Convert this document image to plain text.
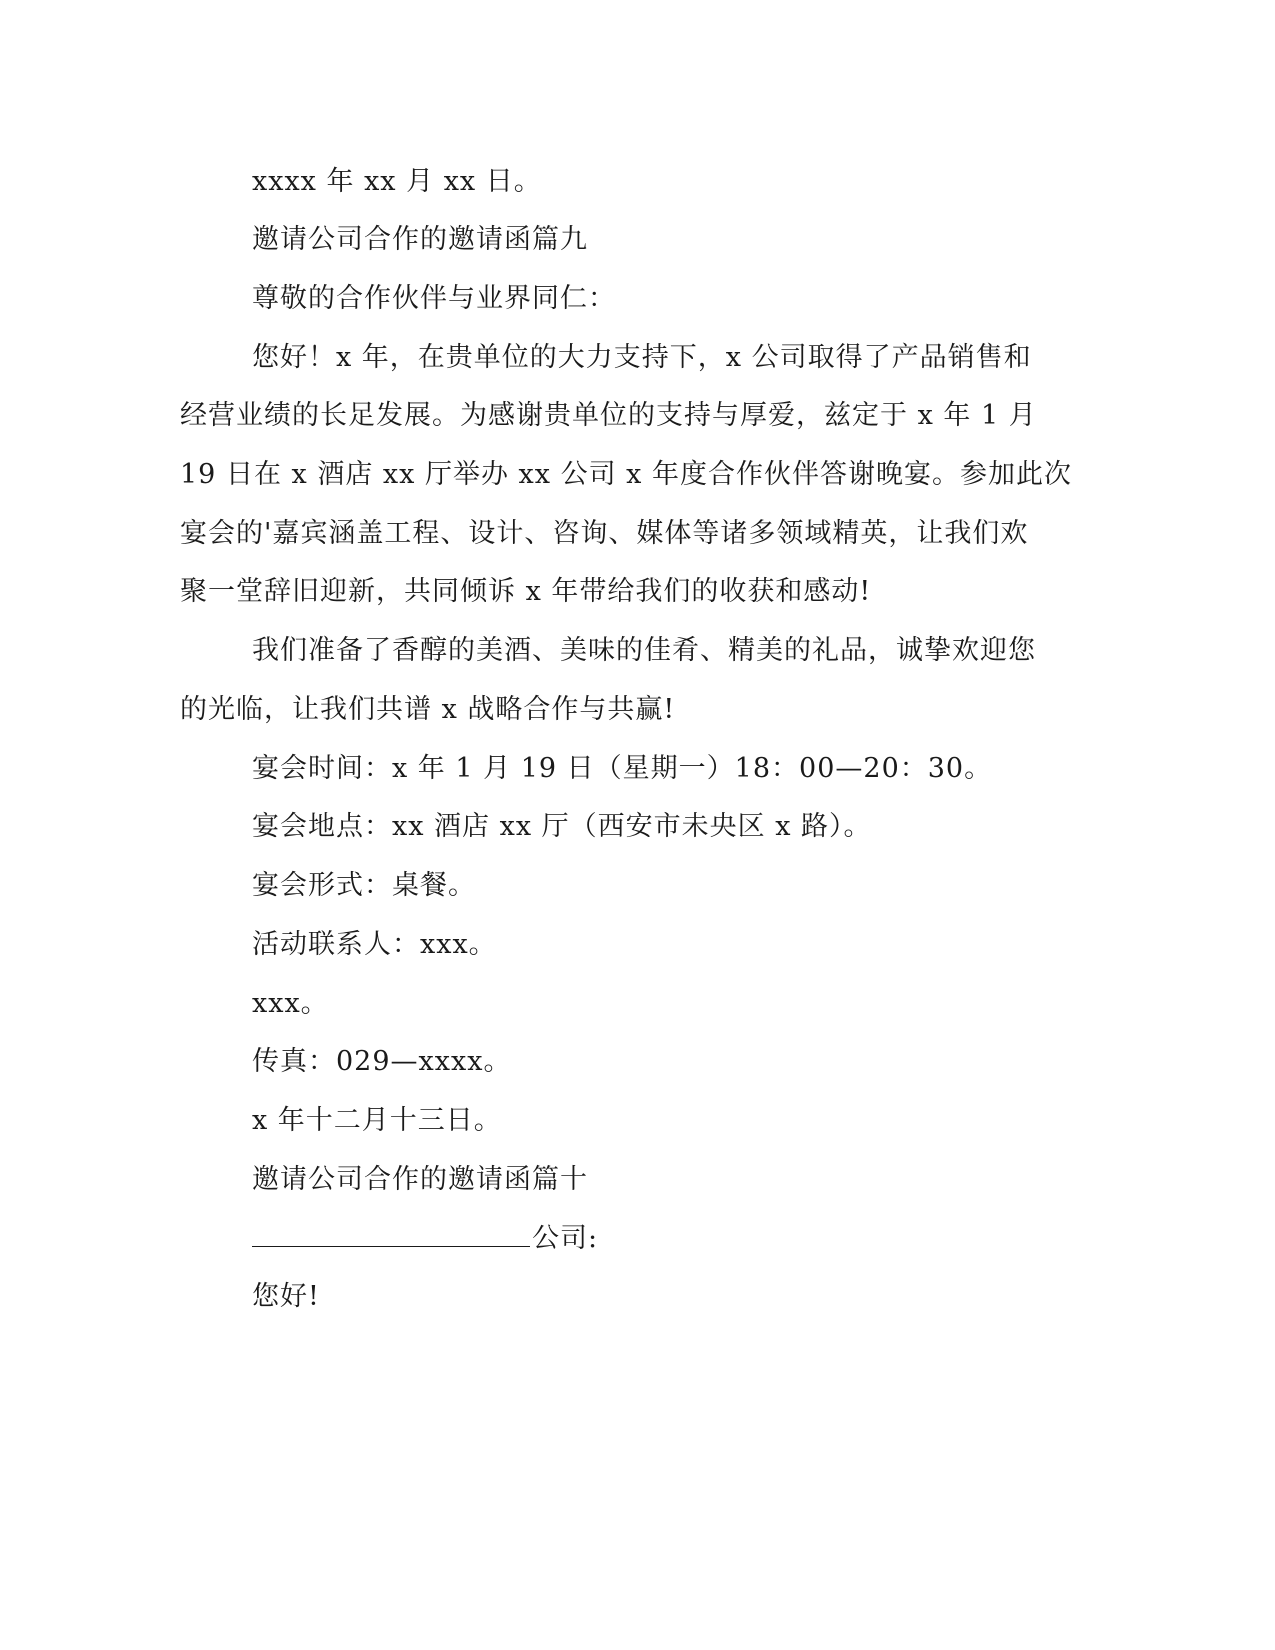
xxxx 年 xx 月 xx 日。
邀请公司合作的邀请函篇九
尊敬的合作伙伴与业界同仁：
您好！x 年，在贵单位的大力支持下，x 公司取得了产品销售和
经营业绩的长足发展。为感谢贵单位的支持与厚爱，兹定于 x 年 1 月
19 日在 x 酒店 xx 厅举办 xx 公司 x 年度合作伙伴答谢晚宴。参加此次
宴会的'嘉宾涵盖工程、设计、咨询、媒体等诸多领域精英，让我们欢
聚一堂辞旧迎新，共同倾诉 x 年带给我们的收获和感动!
我们准备了香醇的美酒、美味的佳肴、精美的礼品，诚挚欢迎您
的光临，让我们共谱 x 战略合作与共赢!
宴会时间：x 年 1 月 19 日（星期一）18：00—20：30。
宴会地点：xx 酒店 xx 厅（西安市未央区 x 路）。
宴会形式：桌餐。
活动联系人：xxx。
xxx。
传真：029—xxxx。
x 年十二月十三日。
邀请公司合作的邀请函篇十
公司:
您好!
